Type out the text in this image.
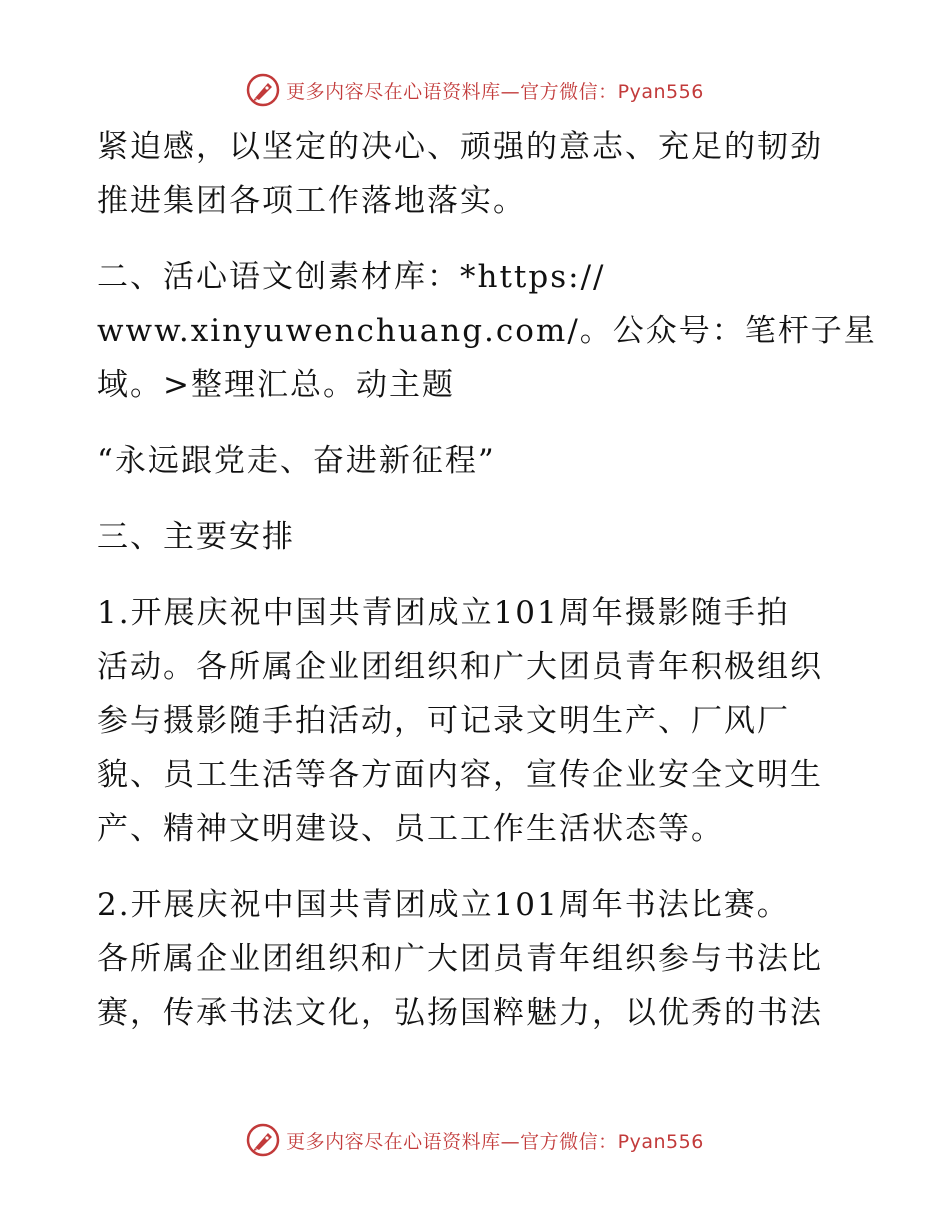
更多内容尽在心语资料库—官方微信：Pyan556
紧迫感，以坚定的决心、顽强的意志、充足的韧劲
推进集团各项工作落地落实。
二、活心语文创素材库：*https://
www.xinyuwenchuang.com/。公众号：笔杆子星
域。>整理汇总。动主题
“永远跟党走、奋进新征程”
三、主要安排
1.开展庆祝中国共青团成立101周年摄影随手拍
活动。各所属企业团组织和广大团员青年积极组织
参与摄影随手拍活动，可记录文明生产、厂风厂
貌、员工生活等各方面内容，宣传企业安全文明生
产、精神文明建设、员工工作生活状态等。
2.开展庆祝中国共青团成立101周年书法比赛。
各所属企业团组织和广大团员青年组织参与书法比
赛，传承书法文化，弘扬国粹魅力，以优秀的书法
更多内容尽在心语资料库—官方微信：Pyan556
